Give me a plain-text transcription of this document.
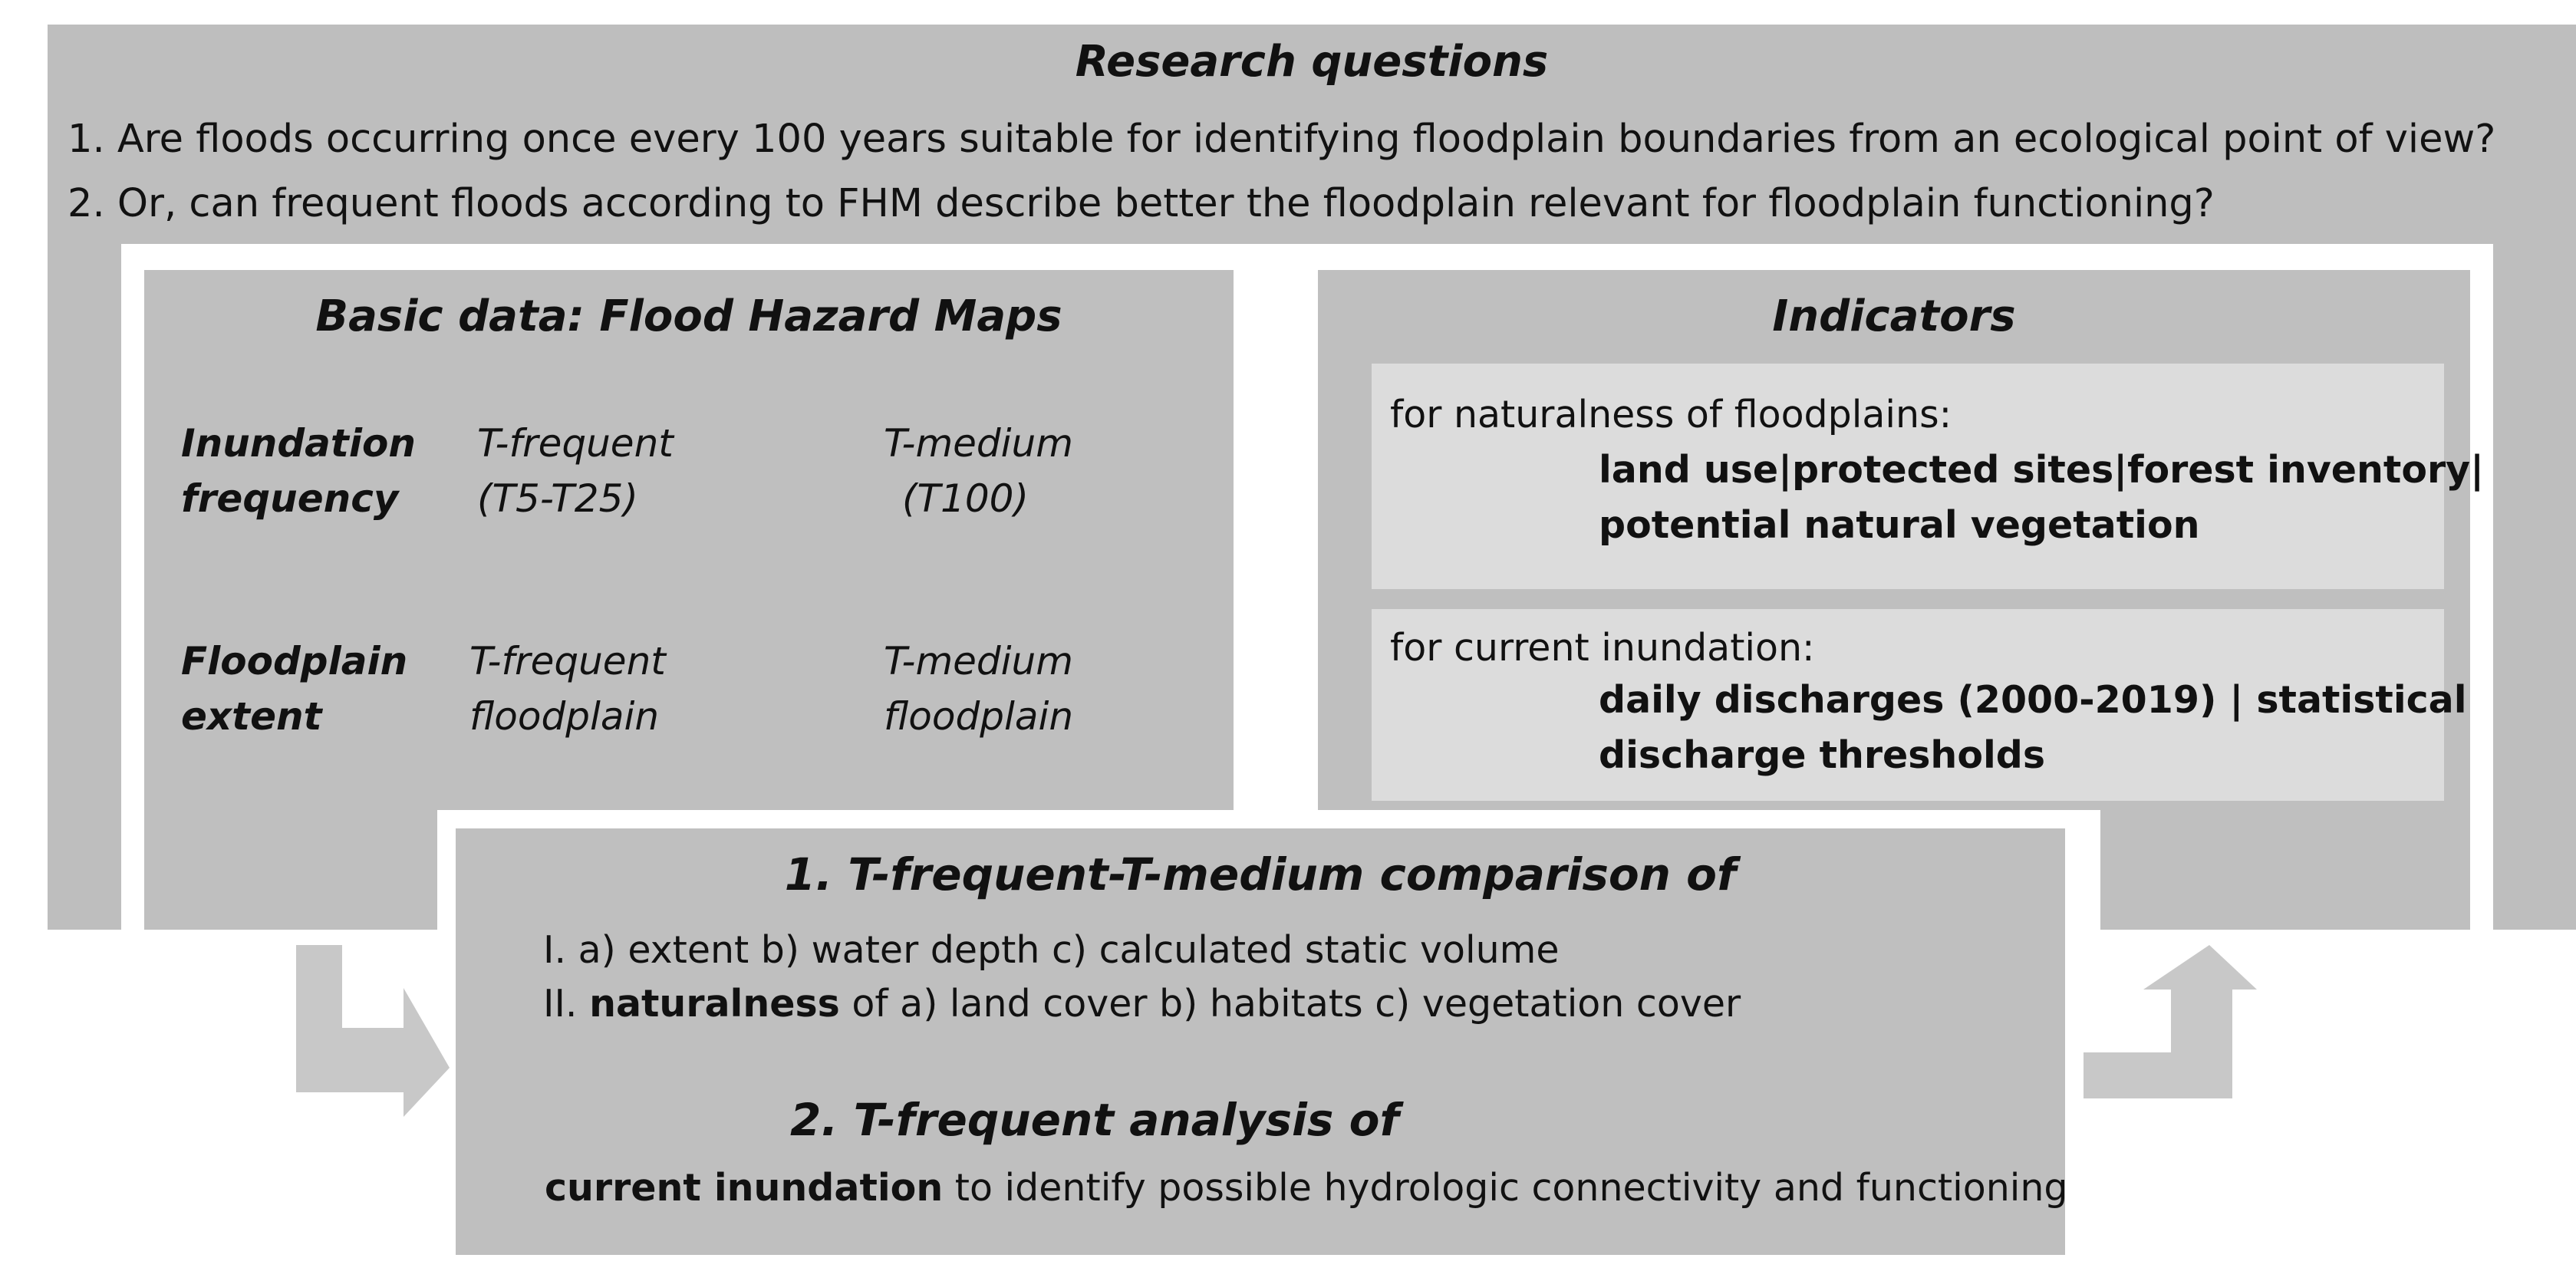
Research questions
1. Are floods occurring once every 100 years suitable for identifying floodplain boundaries from an ecological point of view?
2. Or, can frequent floods according to FHM describe better the floodplain relevant for floodplain functioning?
Basic data: Flood Hazard Maps
Inundation
frequency
T-frequent
(T5-T25)
T-medium
(T100)
Floodplain
extent
T-frequent
floodplain
T-medium
floodplain
Indicators
for naturalness of floodplains:
land use|protected sites|forest inventory|
potential natural vegetation
for current inundation:
daily discharges (2000-2019) | statistical
discharge thresholds
1. T-frequent-T-medium comparison of
I. a) extent b) water depth c) calculated static volume
II. naturalness of a) land cover b) habitats c) vegetation cover
2. T-frequent analysis of
current inundation to identify possible hydrologic connectivity and functioning
